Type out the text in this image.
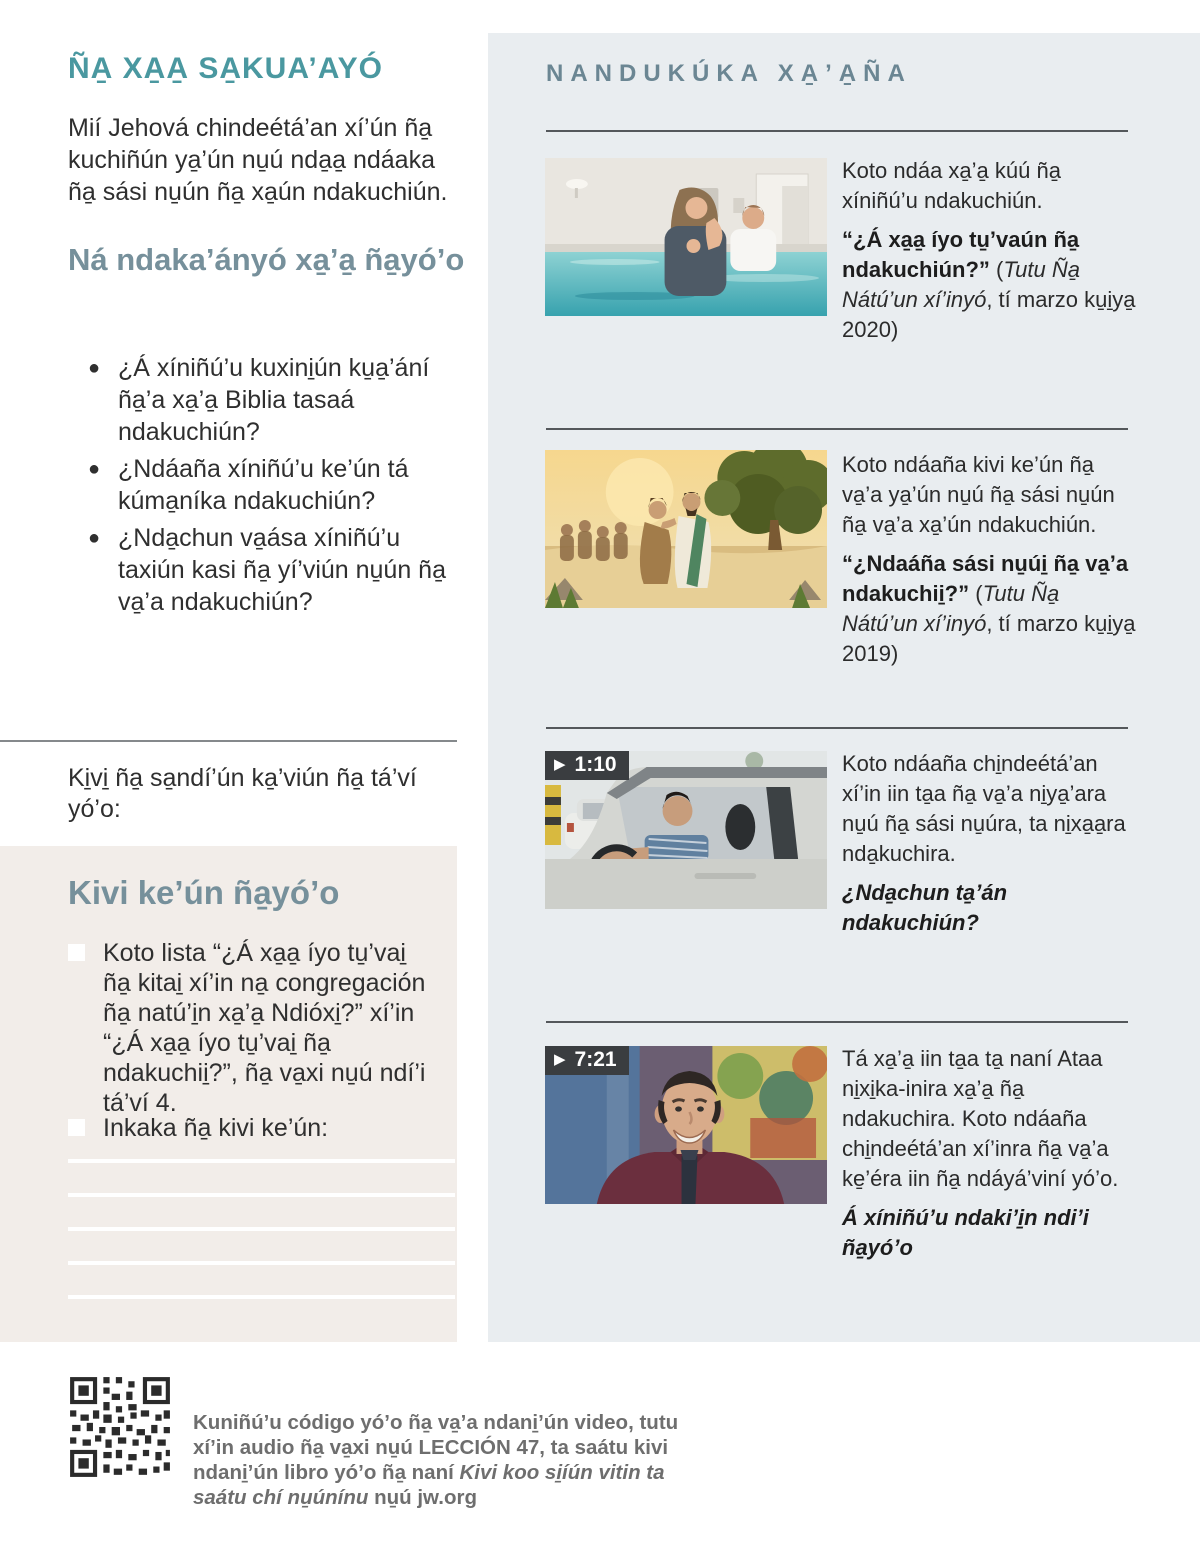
ÑA̱ XA̱A̱ SA̱KUA’AYÓ
Mií Jehová chindeétá’an xí’ún ña̱ kuchiñún ya̱’ún nu̱ú nda̱a̱ ndáaka ña̱ sási nu̱ún ña̱ xa̱ún ndakuchiún.
Ná ndaka’ányó xa̱’a̱ ña̱yó’o
● ¿Á xíniñú’u kuxini̱ún ku̱a̱’ání ña̱’a xa̱’a̱ Biblia tasaá ndakuchiún?
● ¿Ndáaña xíniñú’u ke’ún tá kúma̱níka ndakuchiún?
● ¿Nda̱chun va̱ása xíniñú’u taxiún kasi ña̱ yí’viún nu̱ún ña̱ va̱’a ndakuchiún?
Ki̱vi̱ ña̱ sa̱ndí’ún ka̱’viún ña̱ tá’ví yó’o:
Kivi ke’ún ña̱yó’o
Koto lista “¿Á xa̱a̱ íyo tu̱’vai̱ ña̱ kitai̱ xí’in na̱ congregación ña̱ natú’i̱n xa̱’a̱ Ndióxi̱?” xí’in “¿Á xa̱a̱ íyo tu̱’vai̱ ña̱ ndakuchii̱?”, ña̱ va̱xi nu̱ú ndí’i tá’ví 4.
Inkaka ña̱ kivi ke’ún:
NANDUKÚKA XA̱’A̱ÑA

Koto ndáa xa̱’a̱ kúú ña̱ xíniñú’u ndakuchiún.

“¿Á xa̱a̱ íyo tu̱’vaún ña̱ ndakuchiún?” (Tutu Ña̱ Nátú’un xí’inyó, tí marzo ku̱i̱ya̱ 2020)

Koto ndáaña kivi ke’ún ña̱ va̱’a ya̱’ún nu̱ú ña̱ sási nu̱ún ña̱ va̱’a xa̱’ún ndakuchiún.

“¿Ndaáña sási nu̱úi̱ ña̱ va̱’a ndakuchii̱?” (Tutu Ña̱ Nátú’un xí’inyó, tí marzo ku̱i̱ya̱ 2019)

▶ 1:10	Koto ndáaña chi̱ndeétá’an xí’in iin ta̱a ña̱ va̱’a ni̱ya̱’ara nu̱ú ña̱ sási nu̱úra, ta ni̱xa̱a̱ra nda̱kuchira.

¿Nda̱chun ta̱’án ndakuchiún?

▶ 7:21	Tá xa̱’a̱ iin ta̱a ta̱ naní Ataa ni̱xi̱ka-inira xa̱’a̱ ña̱ ndakuchira. Koto ndáaña chi̱ndeétá’an xí’inra ña̱ va̱’a ke̱’éra iin ña̱ ndáyá’viní yó’o.

Á xíniñú’u ndaki’i̱n ndi’i ña̱yó’o

Kuniñú’u código yó’o ña̱ va̱’a ndani̱’ún video, tutu xí’in audio ña̱ va̱xi nu̱ú LECCIÓN 47, ta saátu kivi ndani̱’ún libro yó’o ña̱ naní Kivi koo si̱íún vitin ta saátu chí nu̱únínu nu̱ú jw.org
